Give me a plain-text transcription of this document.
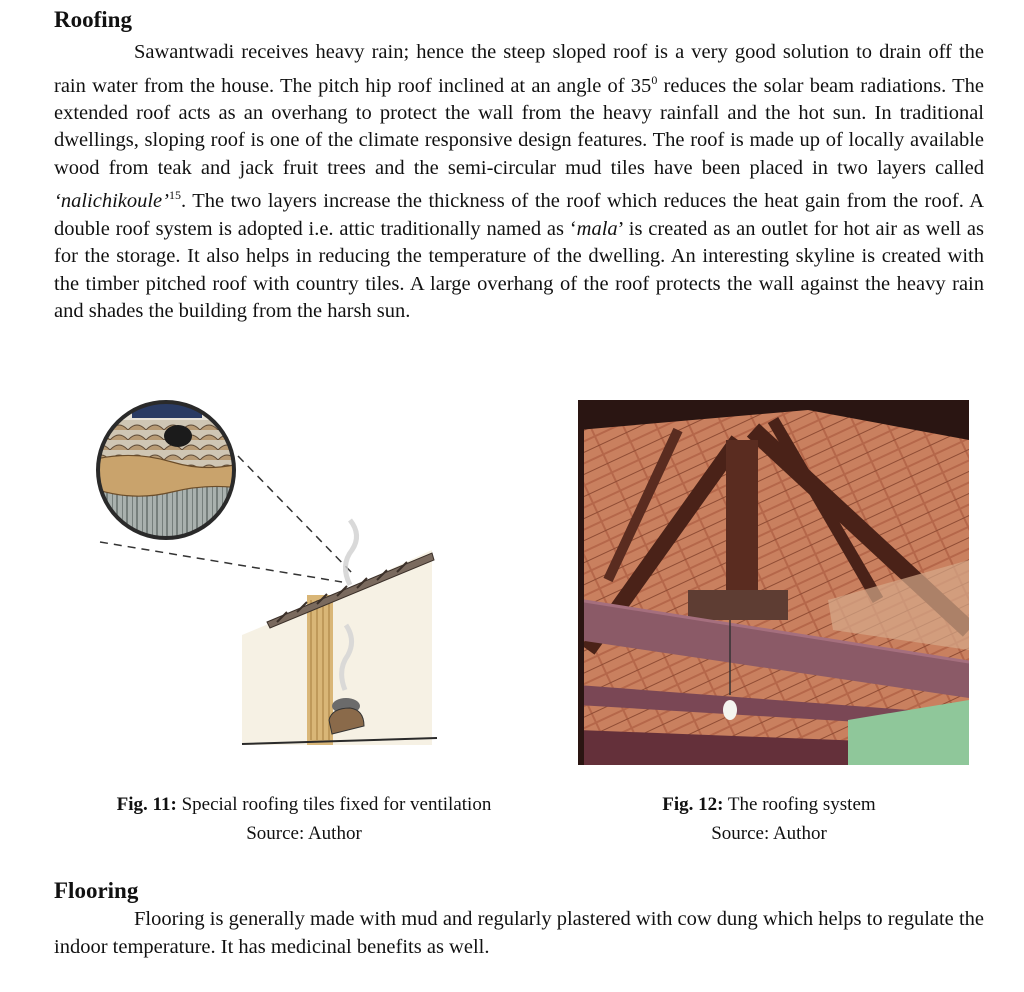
Roofing

Sawantwadi receives heavy rain; hence the steep sloped roof is a very good solution to drain off the rain water from the house. The pitch hip roof inclined at an angle of $35^0$ reduces the solar beam radiations. The extended roof acts as an overhang to protect the wall from the heavy rainfall and the hot sun. In traditional dwellings, sloping roof is one of the climate responsive design features. The roof is made up of locally available wood from teak and jack fruit trees and the semi-circular mud tiles have been placed in two layers called ‘nalichikoule’$^{15}$. The two layers increase the thickness of the roof which reduces the heat gain from the roof. A double roof system is adopted i.e. attic traditionally named as ‘mala’ is created as an outlet for hot air as well as for the storage. It also helps in reducing the temperature of the dwelling. An interesting skyline is created with the timber pitched roof with country tiles. A large overhang of the roof protects the wall against the heavy rain and shades the building from the harsh sun.

Fig. 11: Special roofing tiles fixed for ventilation
Source: Author
Fig. 12: The roofing system
Source: Author
Flooring

Flooring is generally made with mud and regularly plastered with cow dung which helps to regulate the indoor temperature. It has medicinal benefits as well.
